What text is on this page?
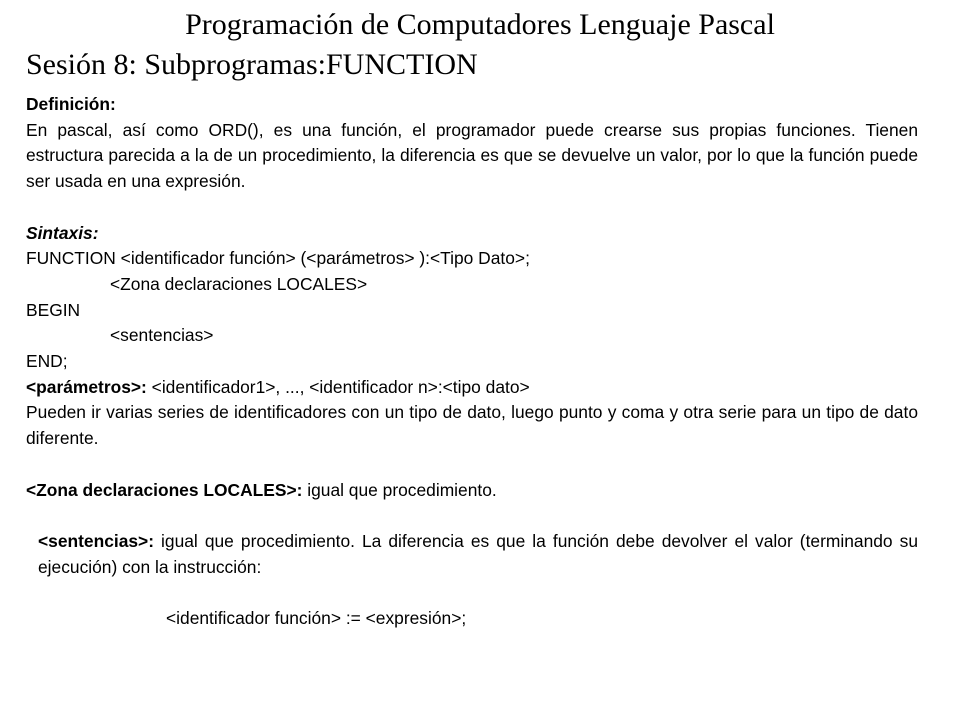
Programación de Computadores Lenguaje Pascal
Sesión 8: Subprogramas:FUNCTION

Definición:

En pascal, así como ORD(), es una función, el programador puede crearse sus propias funciones. Tienen estructura parecida a la de un procedimiento, la diferencia es que se devuelve un valor, por lo que la función puede ser usada en una expresión.

Sintaxis:

FUNCTION <identificador función> (<parámetros> ):<Tipo Dato>;

<Zona declaraciones LOCALES>

BEGIN

<sentencias>

END;

<parámetros>: <identificador1>, ..., <identificador n>:<tipo dato>

Pueden ir varias series de identificadores con un tipo de dato, luego punto y coma y otra serie para un tipo de dato diferente.

<Zona declaraciones LOCALES>: igual que procedimiento.

<sentencias>: igual que procedimiento. La diferencia es que la función debe devolver el valor (terminando su ejecución) con la instrucción:

<identificador función> := <expresión>;
